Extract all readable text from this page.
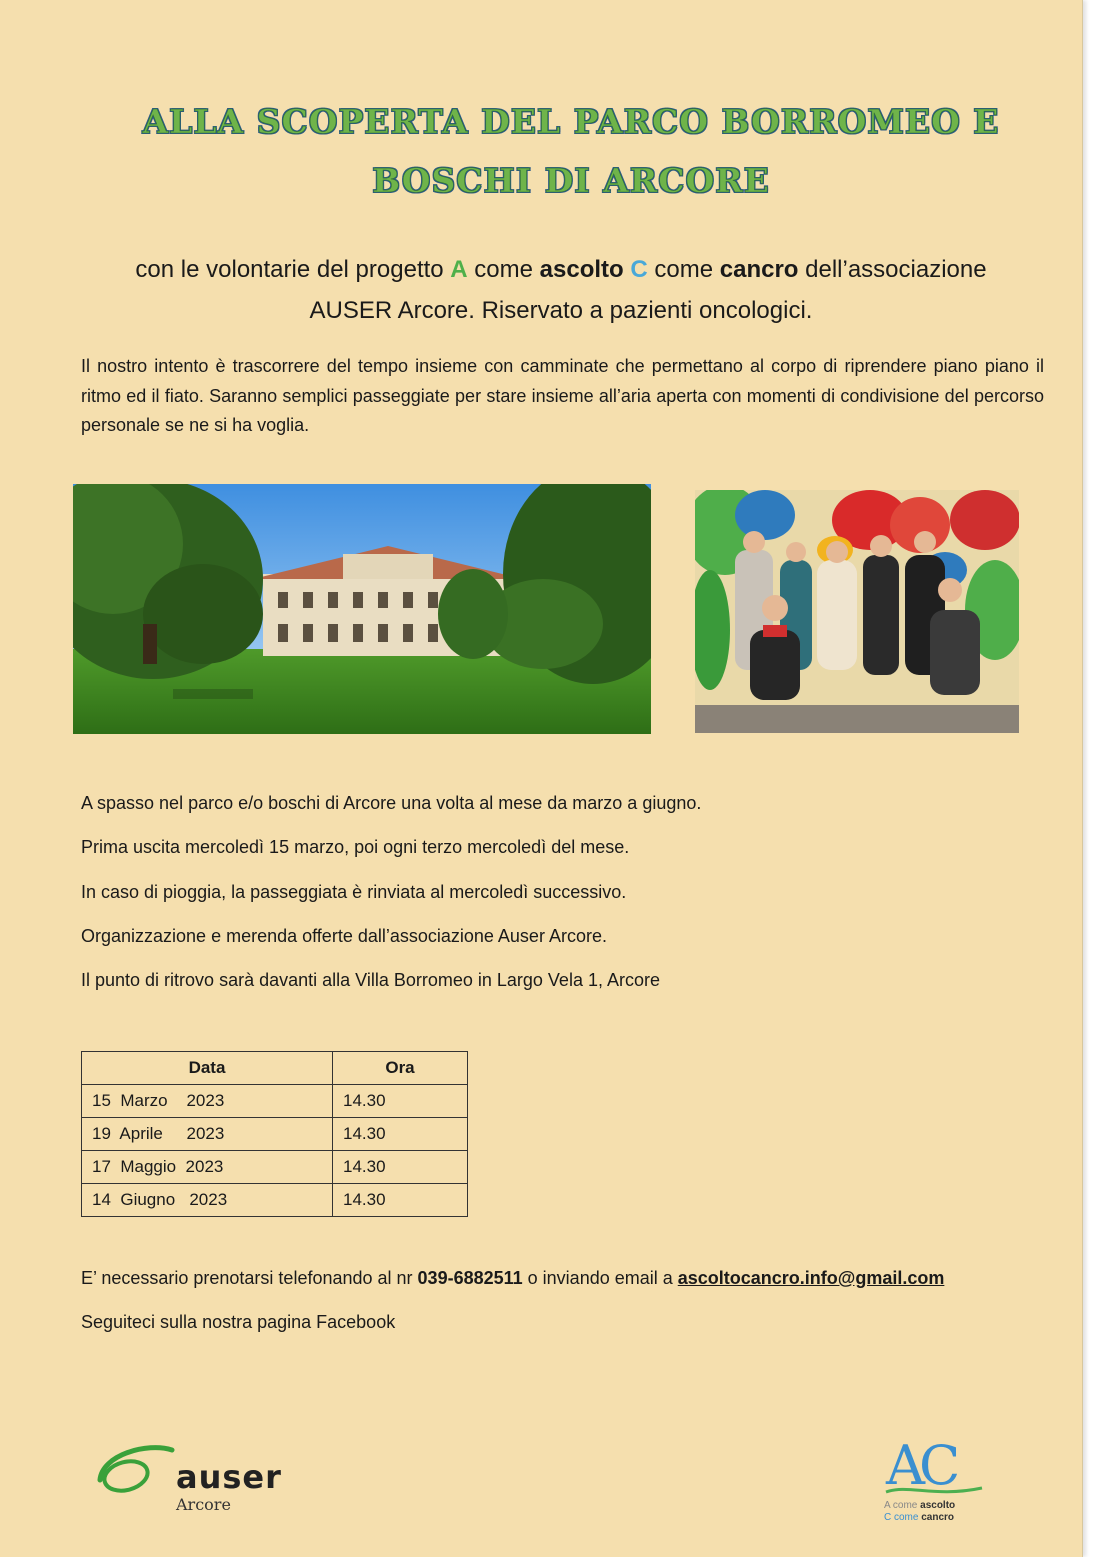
ALLA SCOPERTA DEL PARCO BORROMEO E
BOSCHI DI ARCORE
con le volontarie del progetto A come ascolto C come cancro dell’associazione
AUSER Arcore. Riservato a pazienti oncologici.
Il nostro intento è trascorrere del tempo insieme con camminate che permettano al corpo di riprendere piano piano il ritmo ed il fiato. Saranno semplici passeggiate per stare insieme all’aria aperta con momenti di condivisione del percorso personale se ne si ha voglia.
A spasso nel parco e/o boschi di Arcore una volta al mese da marzo a giugno.
Prima uscita mercoledì 15 marzo, poi ogni terzo mercoledì del mese.
In caso di pioggia, la passeggiata è rinviata al mercoledì successivo.
Organizzazione e merenda offerte dall’associazione Auser Arcore.
Il punto di ritrovo sarà davanti alla Villa Borromeo in Largo Vela 1, Arcore
Data	Ora
15  Marzo    2023	14.30
19  Aprile     2023	14.30
17  Maggio  2023	14.30
14  Giugno   2023	14.30
E’ necessario prenotarsi telefonando al nr 039-6882511 o inviando email a ascoltocancro.info@gmail.com
Seguiteci sulla nostra pagina Facebook
auser
Arcore
AC
A come ascolto
C come cancro
